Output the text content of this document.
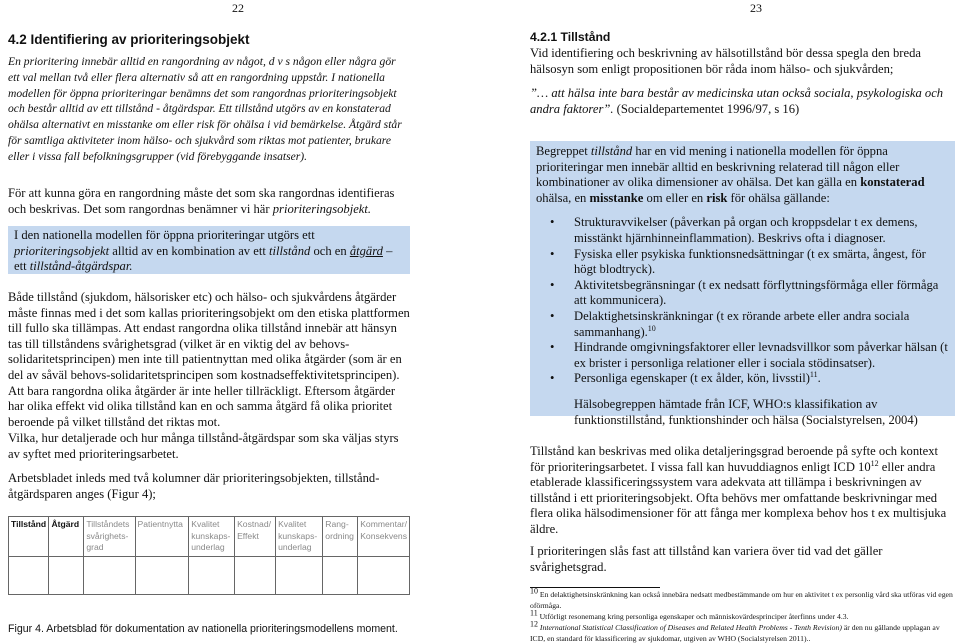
22	23
4.2 Identifiering av prioriteringsobjekt

En prioritering innebär alltid en rangordning av något, d v s någon eller några gör ett val mellan två eller flera alternativ så att en rangordning uppstår. I nationella modellen för öppna prioriteringar benämns det som rangordnas prioriteringsobjekt och består alltid av ett tillstånd - åtgärdspar. Ett tillstånd utgörs av en konstaterad ohälsa alternativt en misstanke om eller risk för ohälsa i vid bemärkelse. Åtgärd står för samtliga aktiviteter inom hälso- och sjukvård som riktas mot patienter, brukare eller i vissa fall befolkningsgrupper (vid förebyggande insatser).

För att kunna göra en rangordning måste det som ska rangordnas identifieras och beskrivas. Det som rangordnas benämner vi här prioriteringsobjekt.

I den nationella modellen för öppna prioriteringar utgörs ett prioriteringsobjekt alltid av en kombination av ett tillstånd och en åtgärd – ett tillstånd-åtgärdspar.

Både tillstånd (sjukdom, hälsorisker etc) och hälso- och sjukvårdens åtgärder måste finnas med i det som kallas prioriteringsobjekt om den etiska plattformen till fullo ska tillämpas. Att endast rangordna olika tillstånd innebär att hänsyn tas till tillståndens svårighetsgrad (vilket är en viktig del av behovs-solidaritetsprincipen) men inte till patientnyttan med olika åtgärder (som är en del av såväl behovs-solidaritetsprincipen som kostnadseffektivitetsprincipen). Att bara rangordna olika åtgärder är inte heller tillräckligt. Eftersom åtgärder har olika effekt vid olika tillstånd kan en och samma åtgärd få olika prioritet beroende på vilket tillstånd det riktas mot.

Vilka, hur detaljerade och hur många tillstånd-åtgärdspar som ska väljas styrs av syftet med prioriteringsarbetet.

Arbetsbladet inleds med två kolumner där prioriteringsobjekten, tillstånd-åtgärdsparen anges (Figur 4);

Tillstånd	Åtgärd	Tillståndets svårighets-grad	Patientnytta	Kvalitet kunskaps-underlag	Kostnad/ Effekt	Kvalitet kunskaps-underlag	Rang-ordning	Kommentar/ Konsekvens

Figur 4. Arbetsblad för dokumentation av nationella prioriteringsmodellens moment.
4.2.1 Tillstånd

Vid identifiering och beskrivning av hälsotillstånd bör dessa spegla den breda hälsosyn som enligt propositionen bör råda inom hälso- och sjukvården;

”… att hälsa inte bara består av medicinska utan också sociala, psykologiska och andra faktorer”. (Socialdepartementet 1996/97, s 16)

Begreppet tillstånd har en vid mening i nationella modellen för öppna prioriteringar men innebär alltid en beskrivning relaterad till någon eller kombinationer av olika dimensioner av ohälsa. Det kan gälla en konstaterad ohälsa, en misstanke om eller en risk för ohälsa gällande:

• Strukturavvikelser (påverkan på organ och kroppsdelar t ex demens, misstänkt hjärnhinneinflammation). Beskrivs ofta i diagnoser.
• Fysiska eller psykiska funktionsnedsättningar (t ex smärta, ångest, för högt blodtryck).
• Aktivitetsbegränsningar (t ex nedsatt förflyttningsförmåga eller förmåga att kommunicera).
• Delaktighetsinskränkningar (t ex rörande arbete eller andra sociala sammanhang).$^{10}$
• Hindrande omgivningsfaktorer eller levnadsvillkor som påverkar hälsan (t ex brister i personliga relationer eller i sociala stödinsatser).
• Personliga egenskaper (t ex ålder, kön, livsstil)$^{11}$.

Hälsobegreppen hämtade från ICF, WHO:s klassifikation av funktionstillstånd, funktionshinder och hälsa (Socialstyrelsen, 2004)

Tillstånd kan beskrivas med olika detaljeringsgrad beroende på syfte och kontext för prioriteringsarbetet. I vissa fall kan huvuddiagnos enligt ICD $10^{12}$ eller andra etablerade klassificeringssystem vara adekvata att tillämpa i beskrivningen av tillstånd i ett prioriteringsobjekt. Ofta behövs mer omfattande beskrivningar med flera olika hälsodimensioner för att fånga mer komplexa behov hos t ex multisjuka äldre.

I prioriteringen slås fast att tillstånd kan variera över tid vad det gäller svårighetsgrad.

$^{10}$ En delaktighetsinskränkning kan också innebära nedsatt medbestämmande om hur en aktivitet t ex personlig vård ska utföras vid egen oförmåga.

$^{11}$ Utförligt resonemang kring personliga egenskaper och människovärdesprinciper återfinns under 4.3.

$^{12}$ International Statistical Classification of Diseases and Related Health Problems - Tenth Revision) är den nu gällande upplagan av ICD, en standard för klassificering av sjukdomar, utgiven av WHO (Socialstyrelsen 2011)..
